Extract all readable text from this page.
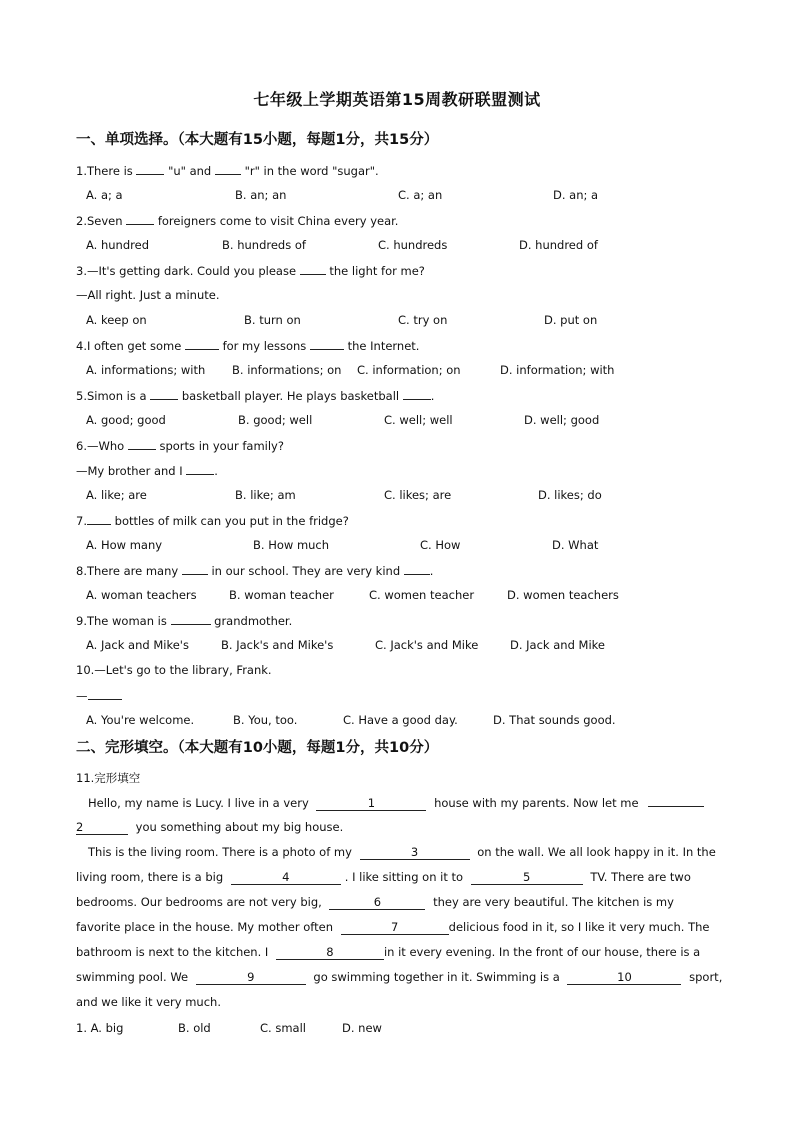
七年级上学期英语第15周教研联盟测试
一、单项选择。（本大题有15小题，每题1分，共15分）
1.There is	"u" and	"r" in the word "sugar".
A. a; a	B. an; an	C. a; an	D. an; a
2.Seven	foreigners come to visit China every year.
A. hundred	B. hundreds of	C. hundreds	D. hundred of
3.—It's getting dark. Could you please	the light for me?
—All right. Just a minute.
A. keep on	B. turn on	C. try on	D. put on
4.I often get some	for my lessons	the Internet.
A. informations; with B. informations; on C. information; on	D. information; with
5.Simon is a	basketball player. He plays basketball	.
A. good; good	B. good; well	C. well; well	D. well; good
6.—Who	sports in your family?
—My brother and I	.
A. like; are	B. like; am	C. likes; are	D. likes; do
7. bottles of milk can you put in the fridge?
A. How many	B. How much	C. How	D. What
8.There are many	in our school. They are very kind	.
A. woman teachers	B. woman teacher	C. women teacher	D. women teachers
9.The woman is	grandmother.
A. Jack and Mike's	B. Jack's and Mike's	C. Jack's and Mike	D. Jack and Mike
10.—Let's go to the library, Frank.
—
A. You're welcome.	B. You, too.	C. Have a good day.	D. That sounds good.
二、完形填空。（本大题有10小题，每题1分，共10分）
11.完形填空
Hello, my name is Lucy. I live in a very	1	house with my parents. Now let me
2	you something about my big house.
This is the living room. There is a photo of my	3	on the wall. We all look happy in it. In the
living room, there is a big	4	. I like sitting on it to	5	TV. There are two
bedrooms. Our bedrooms are not very big,	6	they are very beautiful. The kitchen is my
favorite place in the house. My mother often	7	delicious food in it, so I like it very much. The
bathroom is next to the kitchen. I	8	in it every evening. In the front of our house, there is a
swimming pool. We	9	go swimming together in it. Swimming is a	10	sport,
and we like it very much.
1. A. big	B. old	C. small	D. new
